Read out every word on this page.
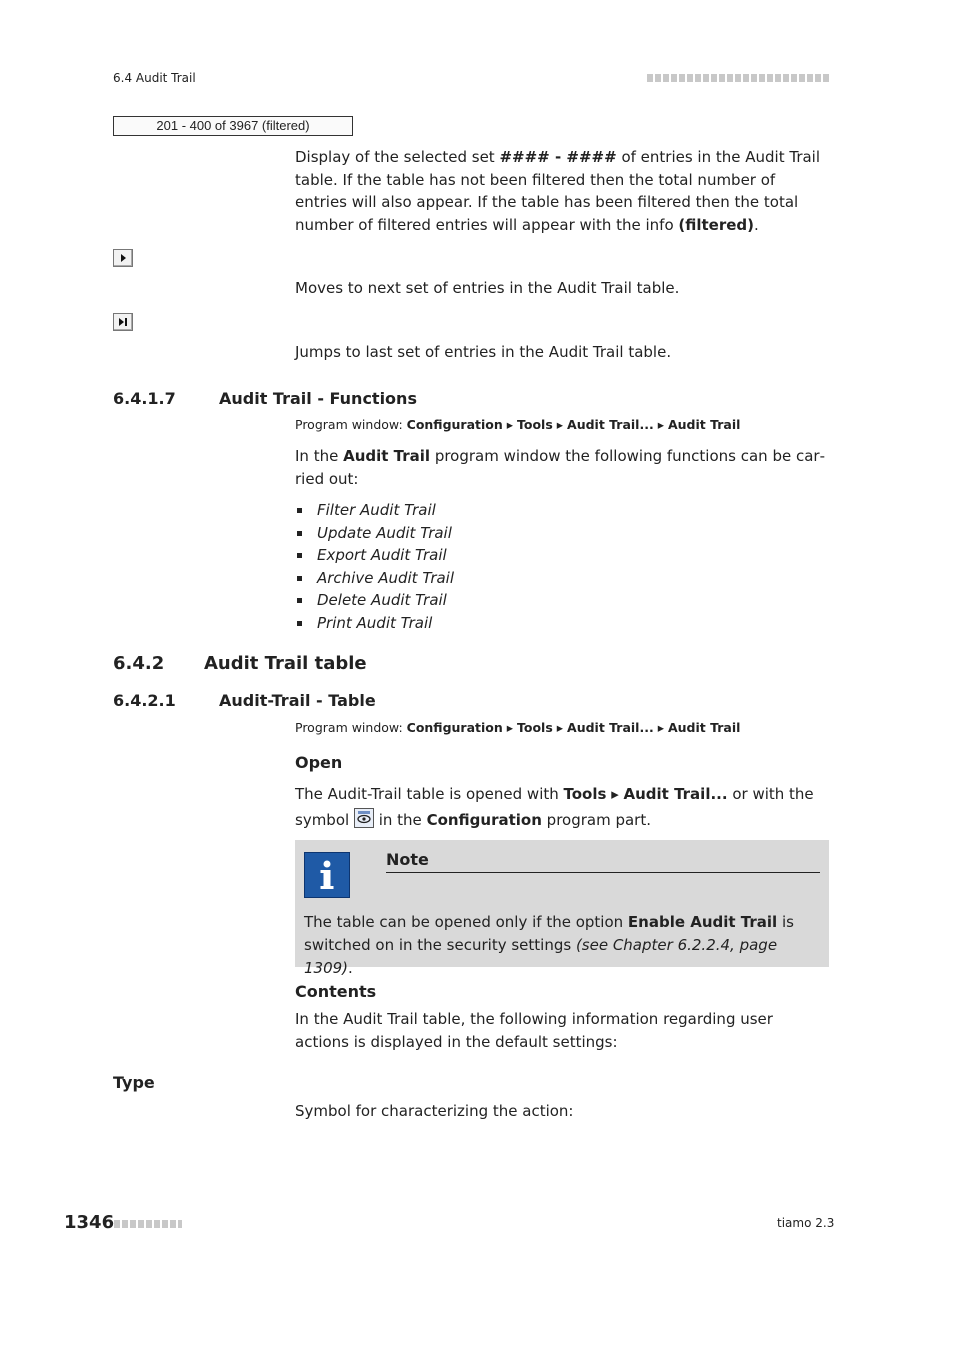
6.4 Audit Trail
201 - 400 of 3967 (filtered)
Display of the selected set #### - #### of entries in the Audit Trail table. If the table has not been filtered then the total number of entries will also appear. If the table has been filtered then the total number of filtered entries will appear with the info (filtered).
Moves to next set of entries in the Audit Trail table.
Jumps to last set of entries in the Audit Trail table.
6.4.1.7	Audit Trail - Functions
Program window: Configuration ▸ Tools ▸ Audit Trail... ▸ Audit Trail
In the Audit Trail program window the following functions can be carried out:
Filter Audit Trail
Update Audit Trail
Export Audit Trail
Archive Audit Trail
Delete Audit Trail
Print Audit Trail
6.4.2 Audit Trail table
6.4.2.1	Audit-Trail - Table
Program window: Configuration ▸ Tools ▸ Audit Trail... ▸ Audit Trail
Open
The Audit-Trail table is opened with Tools ▸ Audit Trail... or with the symbol  in the Configuration program part.
Note
The table can be opened only if the option Enable Audit Trail is switched on in the security settings (see Chapter 6.2.2.4, page 1309).
Contents
In the Audit Trail table, the following information regarding user actions is displayed in the default settings:
Type
Symbol for characterizing the action:
1346	tiamo 2.3
